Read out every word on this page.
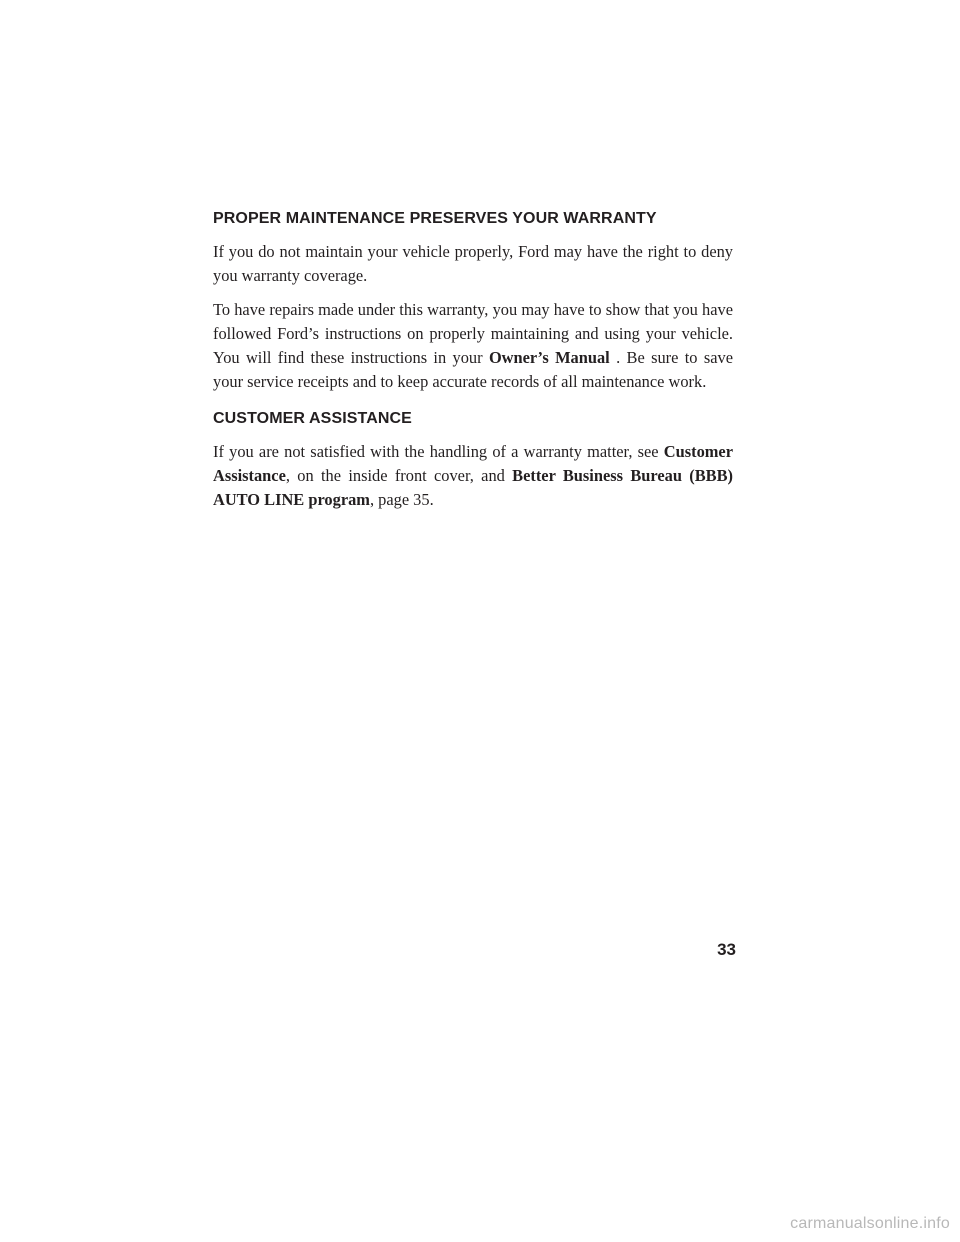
PROPER MAINTENANCE PRESERVES YOUR WARRANTY

If you do not maintain your vehicle properly, Ford may have the right to deny you warranty coverage.

To have repairs made under this warranty, you may have to show that you have followed Ford’s instructions on properly maintaining and using your vehicle. You will find these instructions in your Owner’s Manual . Be sure to save your service receipts and to keep accurate records of all maintenance work.

CUSTOMER ASSISTANCE

If you are not satisfied with the handling of a warranty matter, see Customer Assistance, on the inside front cover, and Better Business Bureau (BBB) AUTO LINE program, page 35.

33
carmanualsonline.info
